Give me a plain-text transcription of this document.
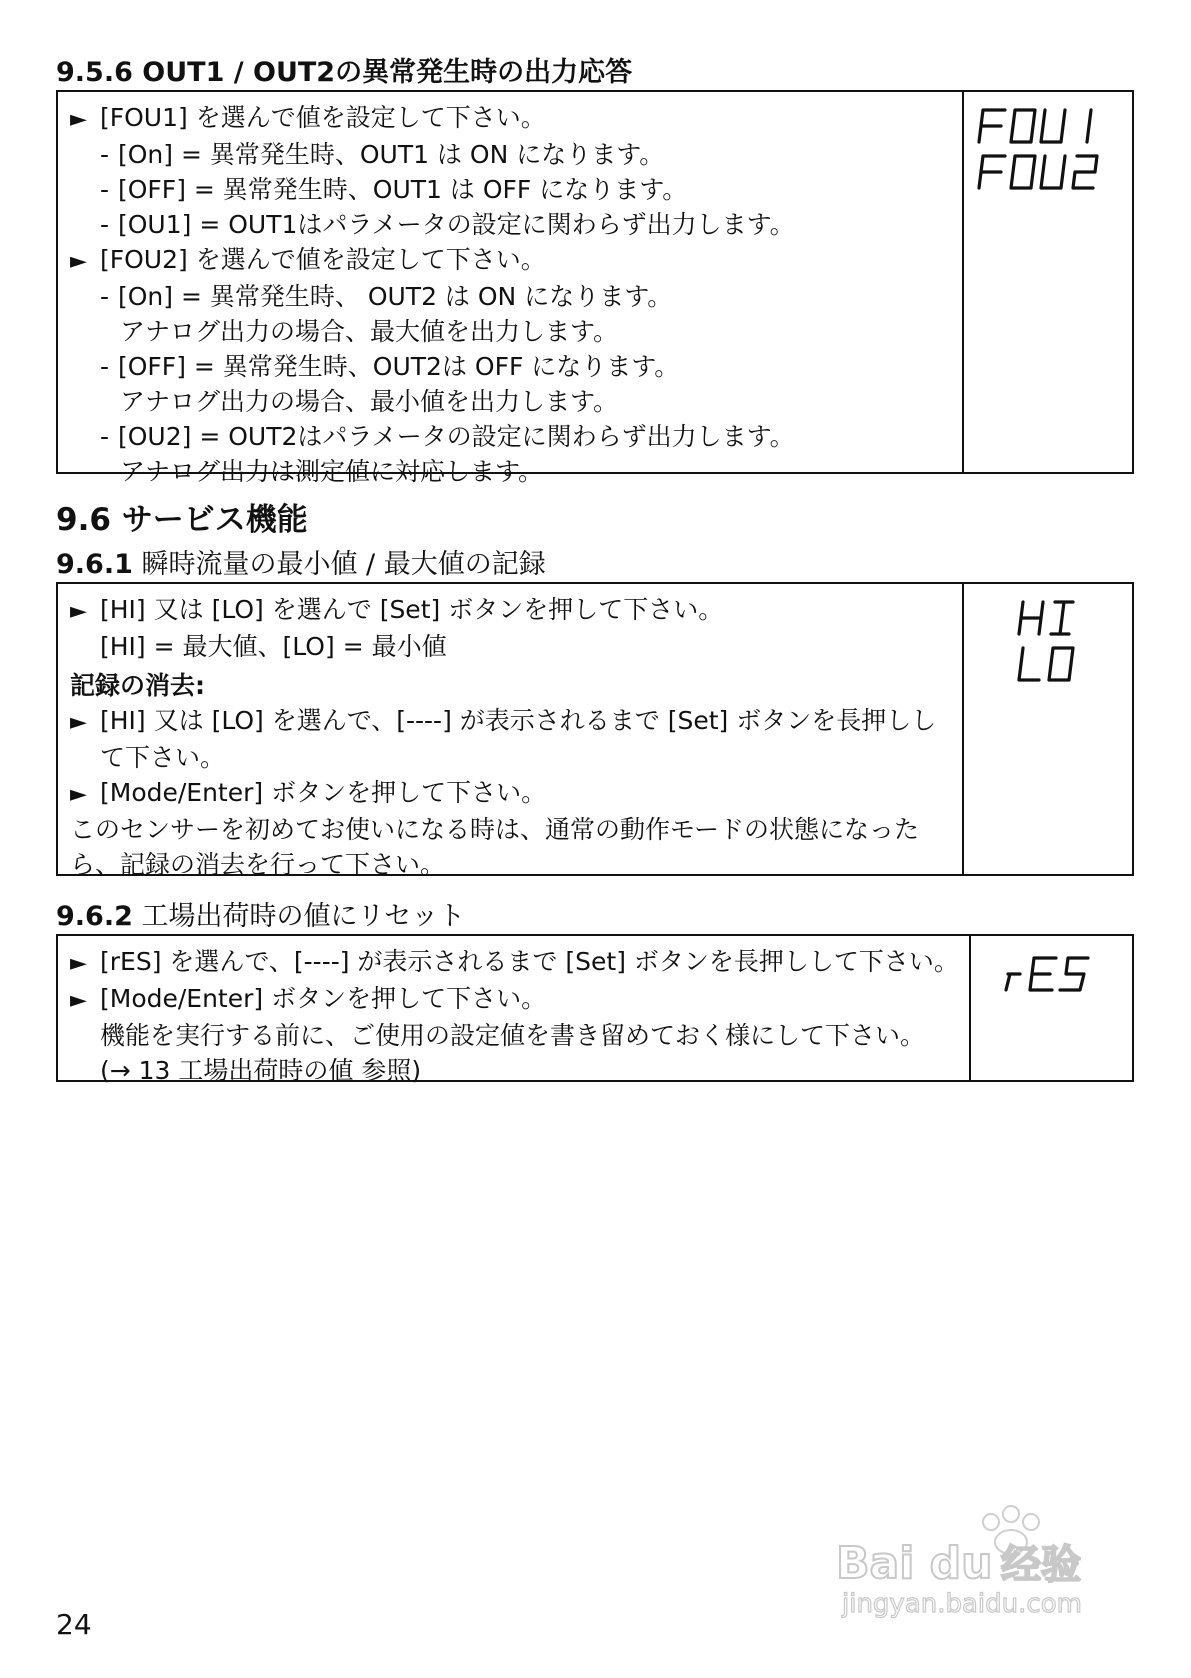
9.5.6 OUT1 / OUT2の異常発生時の出力応答
► [FOU1] を選んで値を設定して下さい。
- [On] = 異常発生時、OUT1 は ON になります。
- [OFF] = 異常発生時、OUT1 は OFF になります。
- [OU1] = OUT1はパラメータの設定に関わらず出力します。
► [FOU2] を選んで値を設定して下さい。
- [On] = 異常発生時、 OUT2 は ON になります。
アナログ出力の場合、最大値を出力します。
- [OFF] = 異常発生時、OUT2は OFF になります。
アナログ出力の場合、最小値を出力します。
- [OU2] = OUT2はパラメータの設定に関わらず出力します。
アナログ出力は測定値に対応します。
9.6 サービス機能
9.6.1 瞬時流量の最小値 / 最大値の記録
► [HI] 又は [LO] を選んで [Set] ボタンを押して下さい。
[HI] = 最大値、[LO] = 最小値
記録の消去:
► [HI] 又は [LO] を選んで、[----] が表示されるまで [Set] ボタンを長押しし
て下さい。
► [Mode/Enter] ボタンを押して下さい。
このセンサーを初めてお使いになる時は、通常の動作モードの状態になった
ら、記録の消去を行って下さい。
9.6.2 工場出荷時の値にリセット
► [rES] を選んで、[----] が表示されるまで [Set] ボタンを長押しして下さい。
► [Mode/Enter] ボタンを押して下さい。
機能を実行する前に、ご使用の設定値を書き留めておく様にして下さい。
(→ 13 工場出荷時の値 参照)
24
Bai du 经验
jingyan.baidu.com
